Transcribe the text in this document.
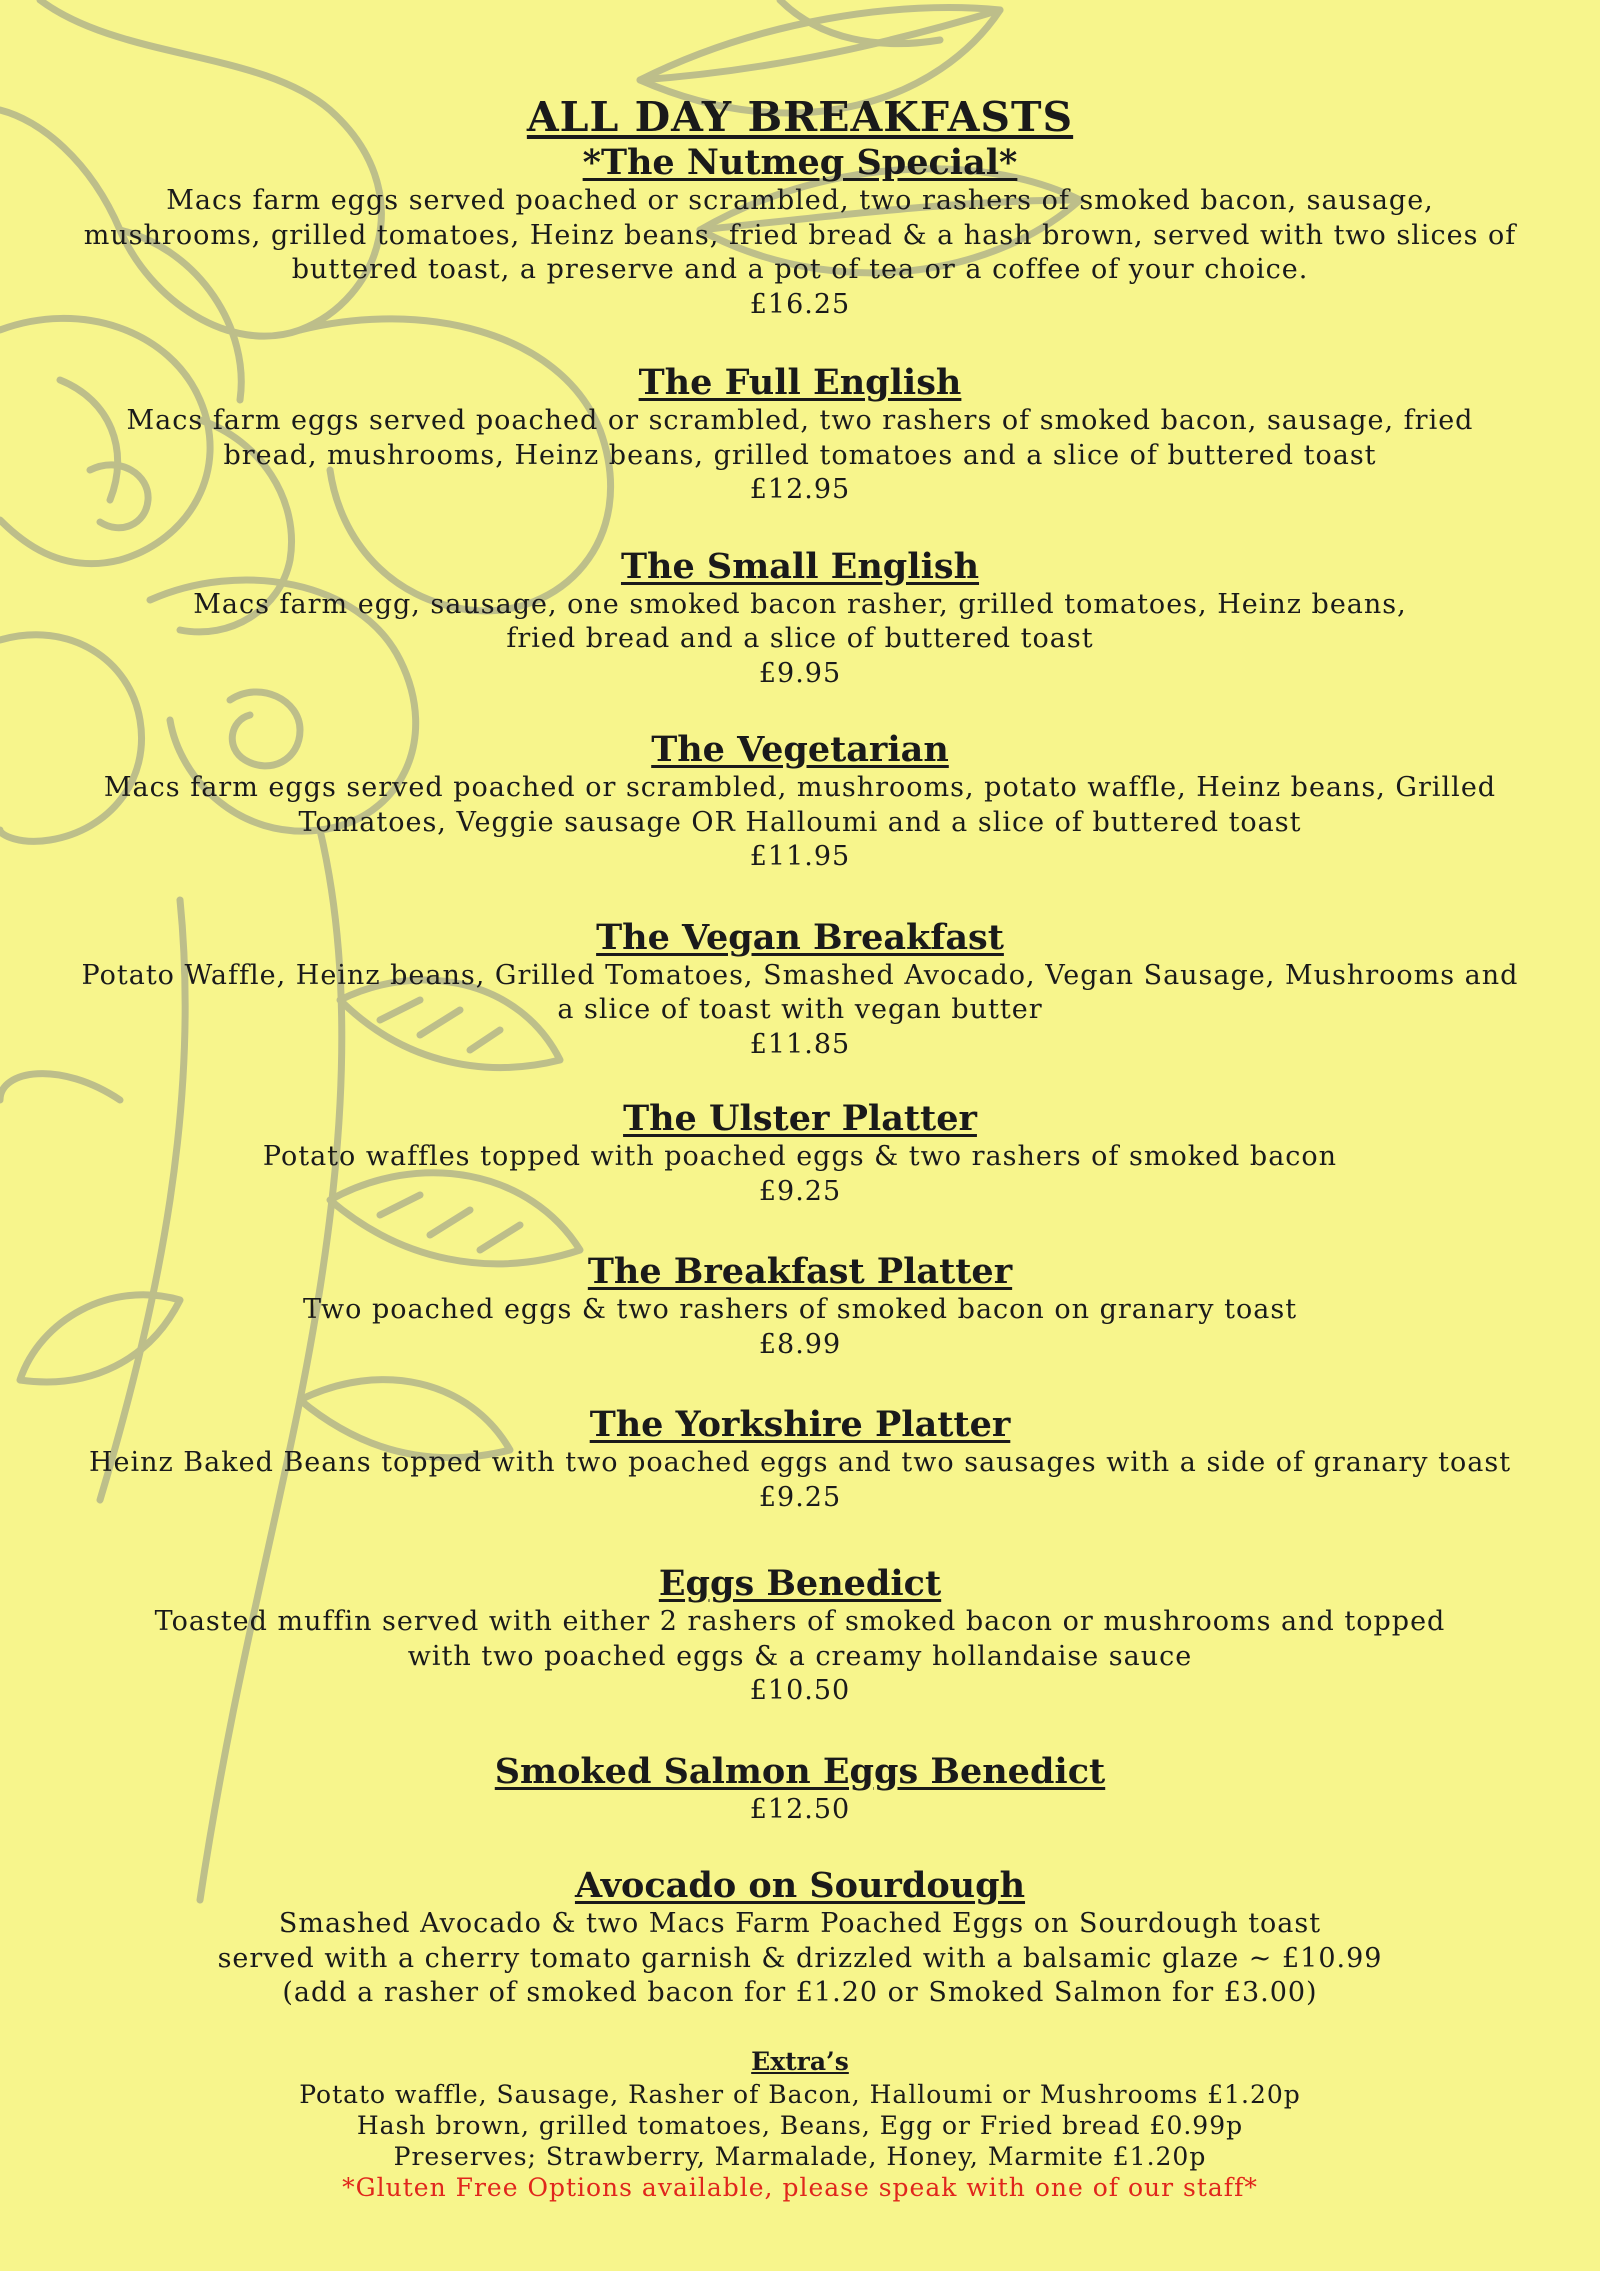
ALL DAY BREAKFASTS
*The Nutmeg Special*
Macs farm eggs served poached or scrambled, two rashers of smoked bacon, sausage,
mushrooms, grilled tomatoes, Heinz beans, fried bread & a hash brown, served with two slices of
buttered toast, a preserve and a pot of tea or a coffee of your choice.
£16.25
The Full English
Macs farm eggs served poached or scrambled, two rashers of smoked bacon, sausage, fried
bread, mushrooms, Heinz beans, grilled tomatoes and a slice of buttered toast
£12.95
The Small English
Macs farm egg, sausage, one smoked bacon rasher, grilled tomatoes, Heinz beans,
fried bread and a slice of buttered toast
£9.95
The Vegetarian
Macs farm eggs served poached or scrambled, mushrooms, potato waffle, Heinz beans, Grilled
Tomatoes, Veggie sausage OR Halloumi and a slice of buttered toast
£11.95
The Vegan Breakfast
Potato Waffle, Heinz beans, Grilled Tomatoes, Smashed Avocado, Vegan Sausage, Mushrooms and
a slice of toast with vegan butter
£11.85
The Ulster Platter
Potato waffles topped with poached eggs & two rashers of smoked bacon
£9.25
The Breakfast Platter
Two poached eggs & two rashers of smoked bacon on granary toast
£8.99
The Yorkshire Platter
Heinz Baked Beans topped with two poached eggs and two sausages with a side of granary toast
£9.25
Eggs Benedict
Toasted muffin served with either 2 rashers of smoked bacon or mushrooms and topped
with two poached eggs & a creamy hollandaise sauce
£10.50
Smoked Salmon Eggs Benedict
£12.50
Avocado on Sourdough
Smashed Avocado & two Macs Farm Poached Eggs on Sourdough toast
served with a cherry tomato garnish & drizzled with a balsamic glaze ~ £10.99
(add a rasher of smoked bacon for £1.20 or Smoked Salmon for £3.00)
Extra’s
Potato waffle, Sausage, Rasher of Bacon, Halloumi or Mushrooms £1.20p
Hash brown, grilled tomatoes, Beans, Egg or Fried bread £0.99p
Preserves; Strawberry, Marmalade, Honey, Marmite £1.20p
*Gluten Free Options available, please speak with one of our staff*
